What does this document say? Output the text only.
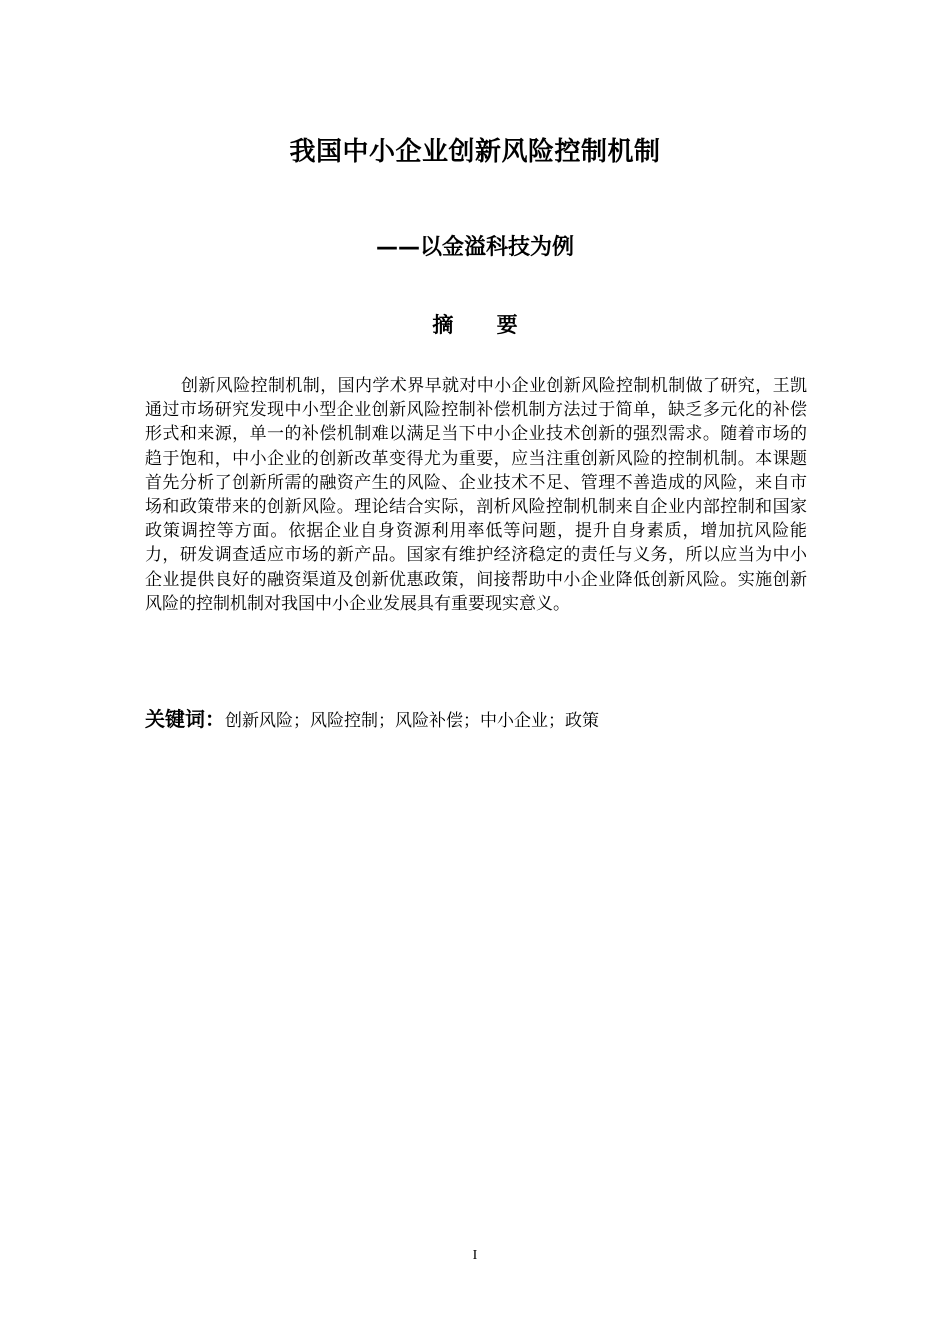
我国中小企业创新风险控制机制
——以金溢科技为例
摘 要

创新风险控制机制，国内学术界早就对中小企业创新风险控制机制做了研究，王凯通过市场研究发现中小型企业创新风险控制补偿机制方法过于简单，缺乏多元化的补偿形式和来源，单一的补偿机制难以满足当下中小企业技术创新的强烈需求。随着市场的趋于饱和，中小企业的创新改革变得尤为重要，应当注重创新风险的控制机制。本课题首先分析了创新所需的融资产生的风险、企业技术不足、管理不善造成的风险，来自市场和政策带来的创新风险。理论结合实际，剖析风险控制机制来自企业内部控制和国家政策调控等方面。依据企业自身资源利用率低等问题，提升自身素质，增加抗风险能力，研发调查适应市场的新产品。国家有维护经济稳定的责任与义务，所以应当为中小企业提供良好的融资渠道及创新优惠政策，间接帮助中小企业降低创新风险。实施创新风险的控制机制对我国中小企业发展具有重要现实意义。

关键词：创新风险；风险控制；风险补偿；中小企业；政策
I
